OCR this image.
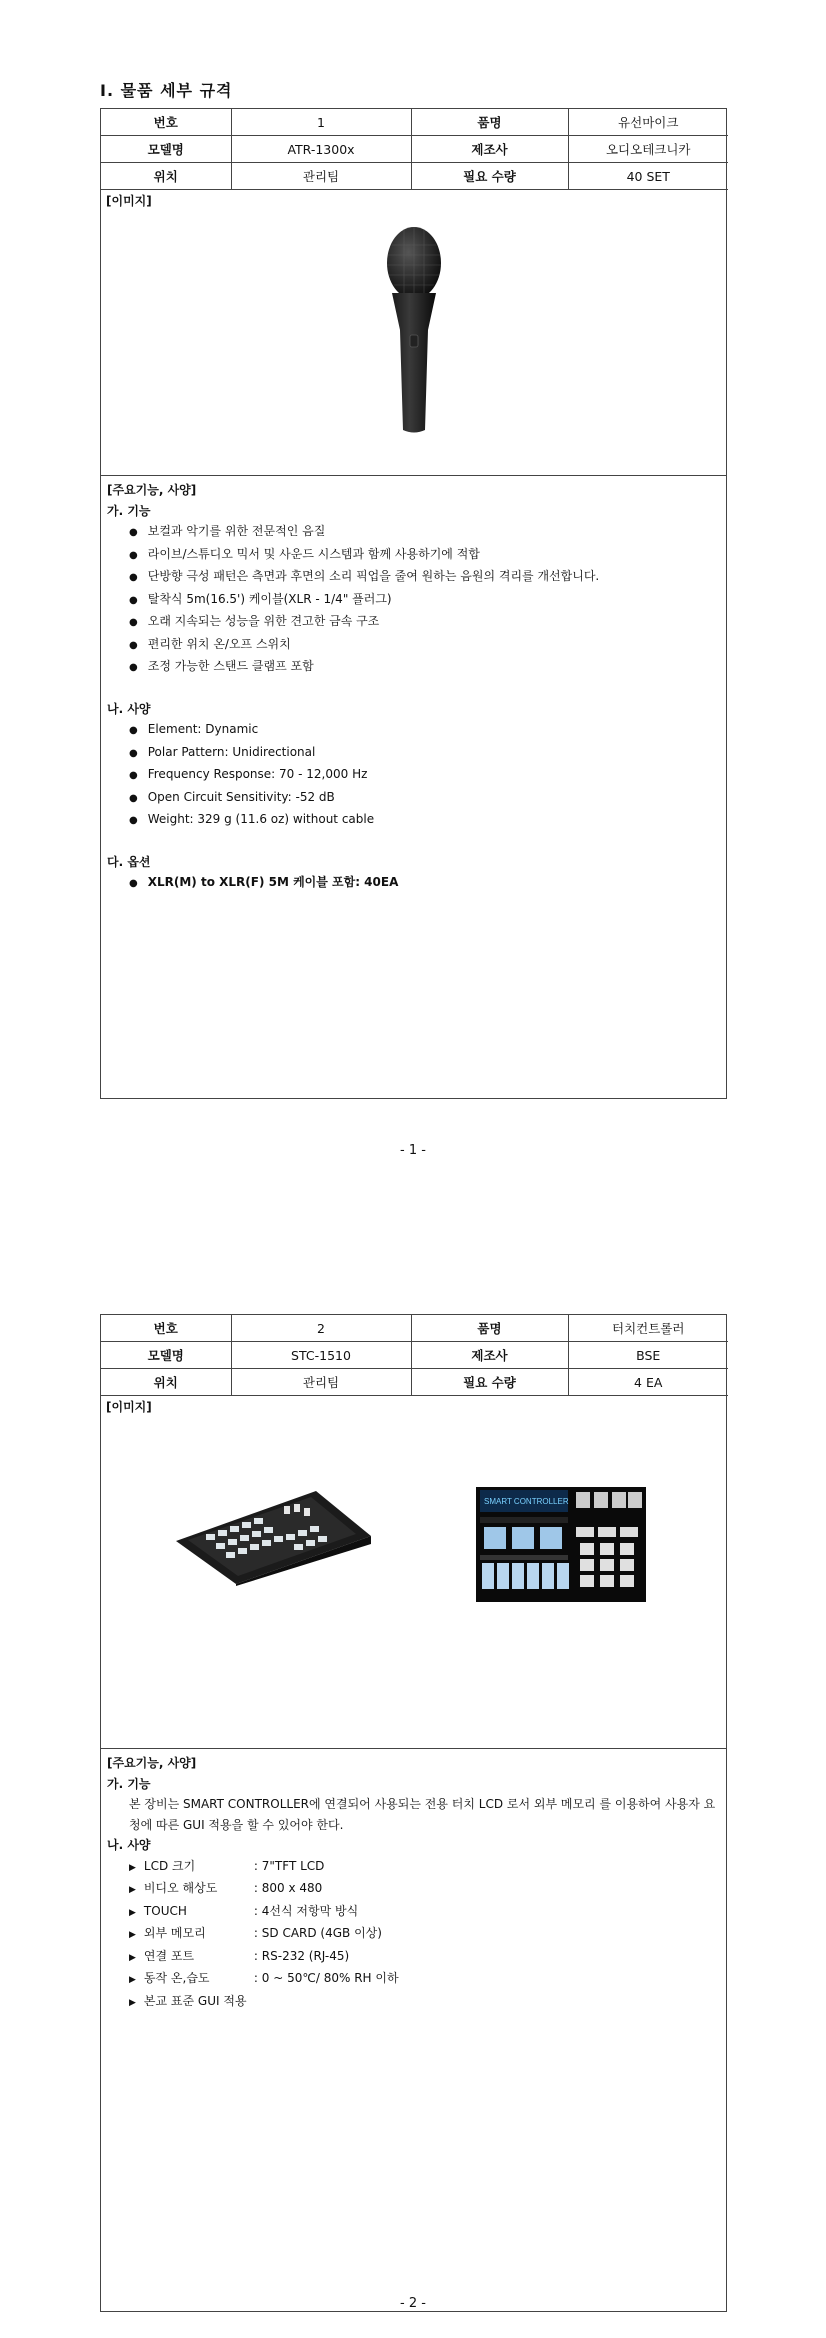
Ⅰ. 물품 세부 규격
번호	1	품명	유선마이크
모델명	ATR-1300x	제조사	오디오테크니카
위치	관리팀	필요 수량	40 SET
[이미지]
[주요기능, 사양]
가. 기능
● 보컬과 악기를 위한 전문적인 음질
● 라이브/스튜디오 믹서 및 사운드 시스템과 함께 사용하기에 적합
● 단방향 극성 패턴은 측면과 후면의 소리 픽업을 줄여 원하는 음원의 격리를 개선합니다.
● 탈착식 5m(16.5') 케이블(XLR - 1/4" 플러그)
● 오래 지속되는 성능을 위한 견고한 금속 구조
● 편리한 위치 온/오프 스위치
● 조정 가능한 스탠드 클램프 포함
나. 사양
● Element: Dynamic
● Polar Pattern: Unidirectional
● Frequency Response: 70 - 12,000 Hz
● Open Circuit Sensitivity: -52 dB
● Weight: 329 g (11.6 oz) without cable
다. 옵션
● XLR(M) to XLR(F) 5M 케이블 포함: 40EA
- 1 -
번호	2	품명	터치컨트롤러
모델명	STC-1510	제조사	BSE
위치	관리팀	필요 수량	4 EA
[이미지]
VOLUUX	SMART CONTROLLER
[주요기능, 사양]
가. 기능
본 장비는 SMART CONTROLLER에 연결되어 사용되는 전용 터치 LCD 로서 외부 메모리 를 이용하여 사용자 요청에 따른 GUI 적용을 할 수 있어야 한다.
나. 사양
▶ LCD 크기	: 7"TFT LCD
▶ 비디오 해상도	: 800 x 480
▶ TOUCH	: 4선식 저항막 방식
▶ 외부 메모리	: SD CARD (4GB 이상)
▶ 연결 포트	: RS-232 (RJ-45)
▶ 동작 온,습도	: 0 ~ 50℃/ 80% RH 이하
▶ 본교 표준 GUI 적용
- 2 -
